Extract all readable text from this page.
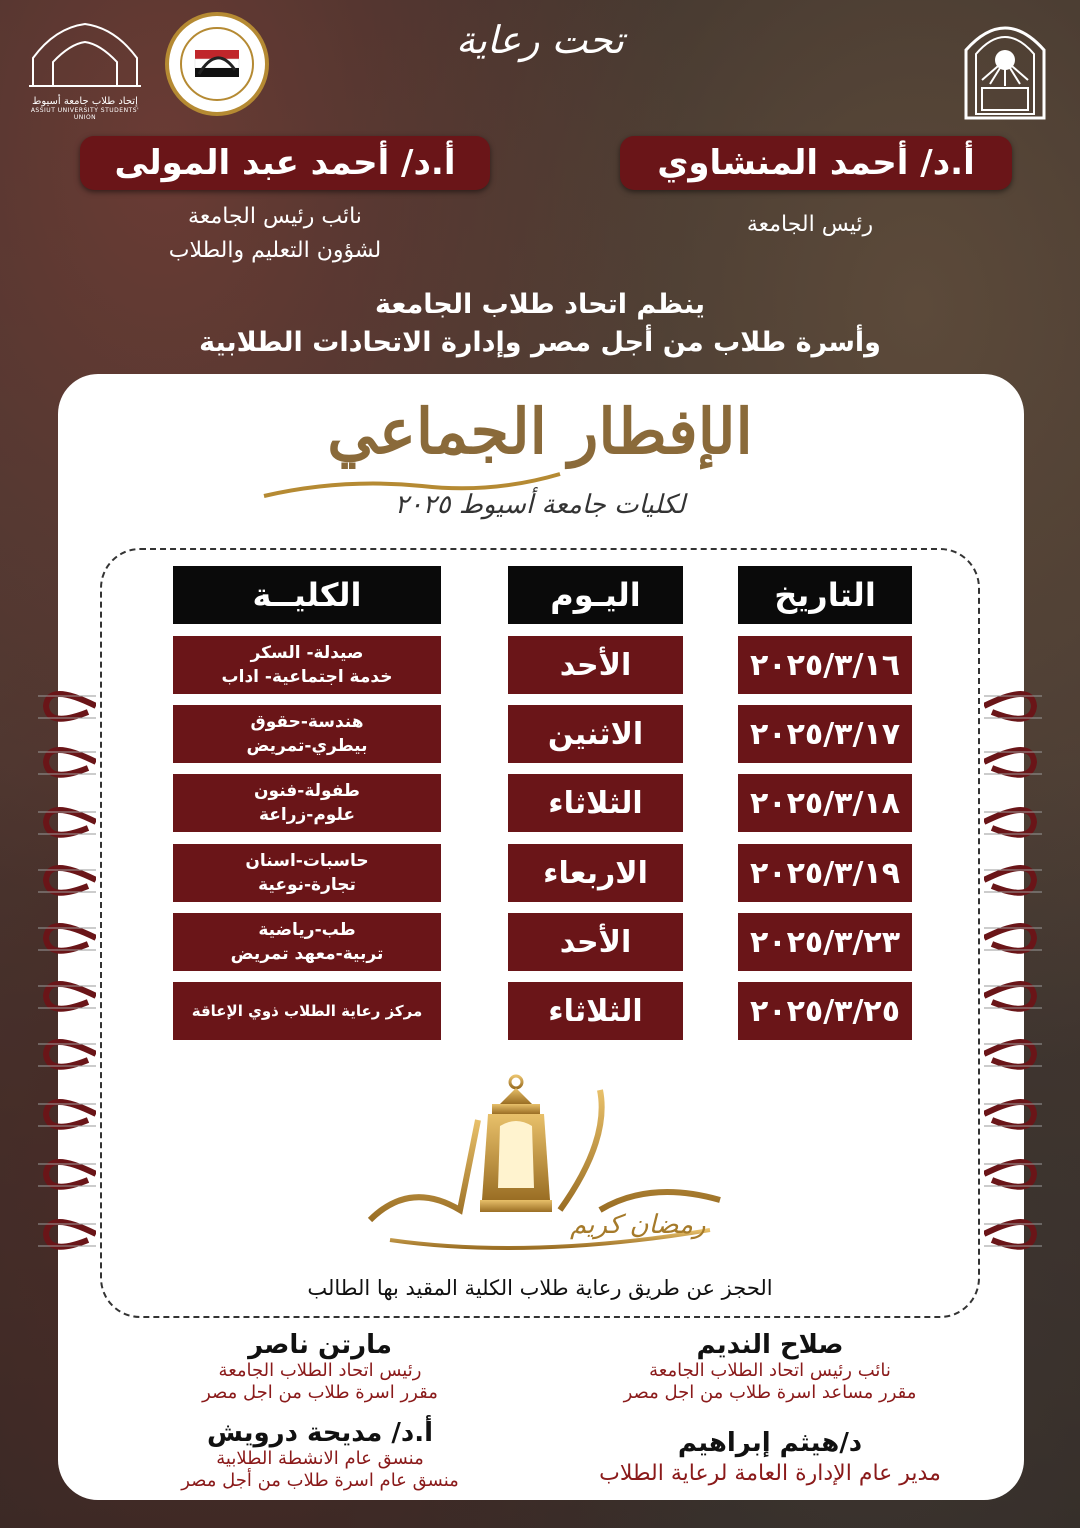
تحت رعاية
إتحاد طلاب جامعة أسيوط
ASSIUT UNIVERSITY STUDENTS' UNION
أ.د/ أحمد المنشاوي
أ.د/ أحمد عبد المولى
رئيس الجامعة
نائب رئيس الجامعة
لشؤون التعليم والطلاب
ينظم اتحاد طلاب الجامعة
وأسرة طلاب من أجل مصر وإدارة الاتحادات الطلابية
الإفطار الجماعي
لكليات جامعة أسيوط ٢٠٢٥
التاريخ
اليـوم
الكليــة
٢٠٢٥/٣/١٦
الأحد
صيدلة- السكر
خدمة اجتماعية- اداب
٢٠٢٥/٣/١٧
الاثنين
هندسة-حقوق
بيطري-تمريض
٢٠٢٥/٣/١٨
الثلاثاء
طفولة-فنون
علوم-زراعة
٢٠٢٥/٣/١٩
الاربعاء
حاسبات-اسنان
تجارة-نوعية
٢٠٢٥/٣/٢٣
الأحد
طب-رياضية
تربية-معهد تمريض
٢٠٢٥/٣/٢٥
الثلاثاء
مركز رعاية الطلاب ذوي الإعاقة
رمضان كريم
الحجز عن طريق رعاية طلاب الكلية المقيد بها الطالب
مارتن ناصر
رئيس اتحاد الطلاب الجامعة
مقرر اسرة طلاب من اجل مصر
صلاح النديم
نائب رئيس اتحاد الطلاب الجامعة
مقرر مساعد اسرة طلاب من اجل مصر
أ.د/ مديحة درويش
منسق عام الانشطة الطلابية
منسق عام اسرة طلاب من أجل مصر
د/هيثم إبراهيم
مدير عام الإدارة العامة لرعاية الطلاب
